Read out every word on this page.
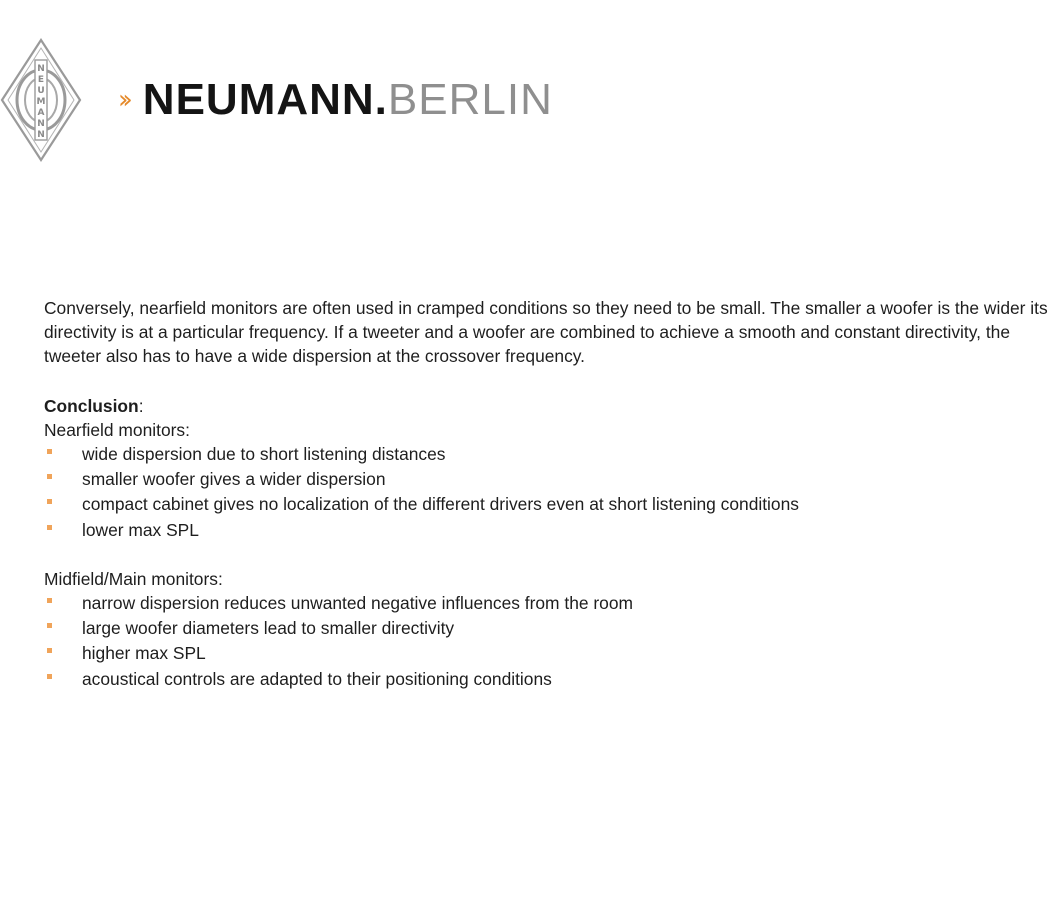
N
E
U
M
A
N
N
›› NEUMANN. BERLIN

Conversely, nearfield monitors are often used in cramped conditions so they need to be small. The smaller a woofer is the wider its directivity is at a particular frequency. If a tweeter and a woofer are combined to achieve a smooth and constant directivity, the tweeter also has to have a wide dispersion at the crossover frequency.

Conclusion:

Nearfield monitors:

wide dispersion due to short listening distances
smaller woofer gives a wider dispersion
compact cabinet gives no localization of the different drivers even at short listening conditions
lower max SPL

Midfield/Main monitors:

narrow dispersion reduces unwanted negative influences from the room
large woofer diameters lead to smaller directivity
higher max SPL
acoustical controls are adapted to their positioning conditions
